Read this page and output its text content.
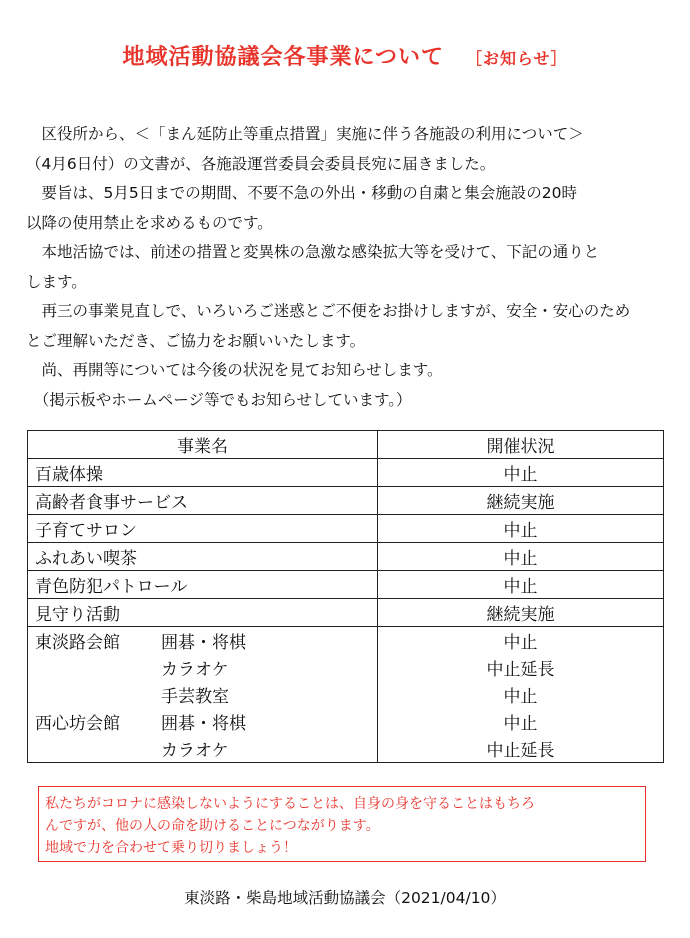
地域活動協議会各事業について ［お知らせ］

　区役所から、＜「まん延防止等重点措置」実施に伴う各施設の利用について＞

（4月6日付）の文書が、各施設運営委員会委員長宛に届きました。

　要旨は、5月5日までの期間、不要不急の外出・移動の自粛と集会施設の20時

以降の使用禁止を求めるものです。

　本地活協では、前述の措置と変異株の急激な感染拡大等を受けて、下記の通りと

します。

　再三の事業見直しで、いろいろご迷惑とご不便をお掛けしますが、安全・安心のため

とご理解いただき、ご協力をお願いいたします。

　尚、再開等については今後の状況を見てお知らせします。

　（掲示板やホームページ等でもお知らせしています。）

事業名	開催状況
百歳体操	中止
高齢者食事サービス	継続実施
子育てサロン	中止
ふれあい喫茶	中止
青色防犯パトロール	中止
見守り活動	継続実施
東淡路会館 囲碁・将棋	中止
カラオケ	中止延長
手芸教室	中止
西心坊会館 囲碁・将棋	中止
カラオケ	中止延長
私たちがコロナに感染しないようにすることは、自身の身を守ることはもちろ
んですが、他の人の命を助けることにつながります。
地域で力を合わせて乗り切りましょう！
東淡路・柴島地域活動協議会（2021/04/10）
